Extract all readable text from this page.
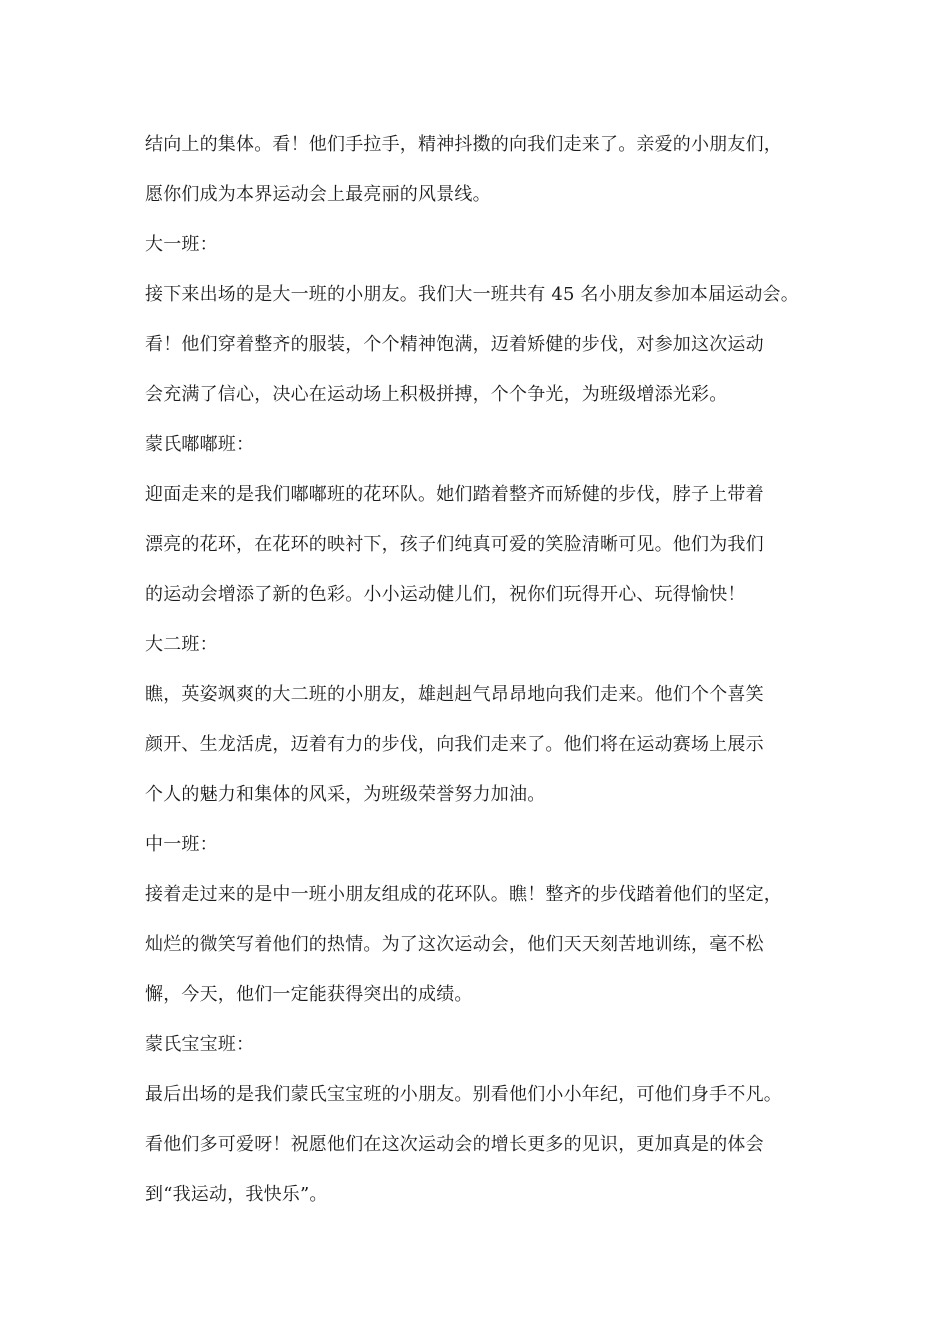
结向上的集体。看！他们手拉手，精神抖擞的向我们走来了。亲爱的小朋友们，
愿你们成为本界运动会上最亮丽的风景线。
大一班：
接下来出场的是大一班的小朋友。我们大一班共有 45 名小朋友参加本届运动会。
看！他们穿着整齐的服装，个个精神饱满，迈着矫健的步伐，对参加这次运动
会充满了信心，决心在运动场上积极拼搏，个个争光，为班级增添光彩。
蒙氏嘟嘟班：
迎面走来的是我们嘟嘟班的花环队。她们踏着整齐而矫健的步伐，脖子上带着
漂亮的花环，在花环的映衬下，孩子们纯真可爱的笑脸清晰可见。他们为我们
的运动会增添了新的色彩。小小运动健儿们，祝你们玩得开心、玩得愉快！
大二班：
瞧，英姿飒爽的大二班的小朋友，雄赳赳气昂昂地向我们走来。他们个个喜笑
颜开、生龙活虎，迈着有力的步伐，向我们走来了。他们将在运动赛场上展示
个人的魅力和集体的风采，为班级荣誉努力加油。
中一班：
接着走过来的是中一班小朋友组成的花环队。瞧！整齐的步伐踏着他们的坚定，
灿烂的微笑写着他们的热情。为了这次运动会，他们天天刻苦地训练，毫不松
懈，今天，他们一定能获得突出的成绩。
蒙氏宝宝班：
最后出场的是我们蒙氏宝宝班的小朋友。别看他们小小年纪，可他们身手不凡。
看他们多可爱呀！祝愿他们在这次运动会的增长更多的见识，更加真是的体会
到“我运动，我快乐”。
